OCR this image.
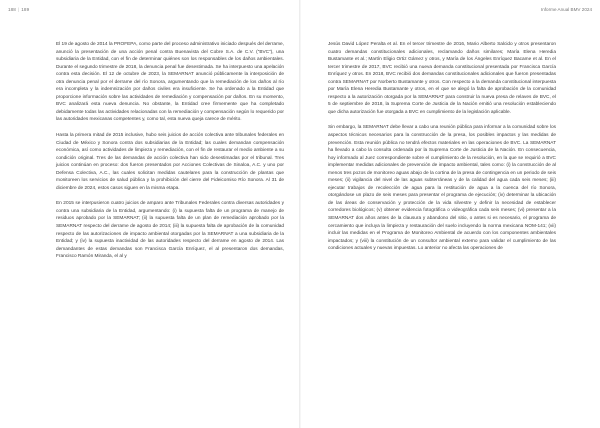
188 | 189	Informe Anual BMV 2024

El 19 de agosto de 2014 la PROFEPA, como parte del proceso administrativo iniciado después del derrame, anunció la presentación de una acción penal contra Buenavista del Cobre S.A. de C.V. (“BVC”), una subsidiaria de la Entidad, con el fin de determinar quiénes son los responsables de los daños ambientales. Durante el segundo trimestre de 2018, la denuncia penal fue desestimada. Se ha interpuesto una apelación contra esta decisión. El 12 de octubre de 2023, la SEMARNAT anunció públicamente la interposición de otra denuncia penal por el derrame del río Sonora, argumentando que la remediación de los daños al río era incompleta y la indemnización por daños civiles era insuficiente. Se ha ordenado a la Entidad que proporcione información sobre las actividades de remediación y compensación por daños. En su momento, BVC analizará esta nueva denuncia. No obstante, la Entidad cree firmemente que ha completado debidamente todas las actividades relacionadas con la remediación y compensación según lo requerido por las autoridades mexicanas competentes y, como tal, esta nueva queja carece de mérito.

Hasta la primera mitad de 2015 inclusive, hubo seis juicios de acción colectiva ante tribunales federales en Ciudad de México y Sonora contra dos subsidiarias de la Entidad; las cuales demandan compensación económica, así como actividades de limpieza y remediación, con el fin de restaurar el medio ambiente a su condición original. Tres de las demandas de acción colectiva han sido desestimadas por el tribunal. Tres juicios continúan en proceso: dos fueron presentados por Acciones Colectivas de Sinaloa, A.C. y uno por Defensa Colectiva, A.C., las cuales solicitan medidas cautelares para la construcción de plantas que monitoreen los servicios de salud pública y la prohibición del cierre del Fideicomiso Río Sonora. Al 31 de diciembre de 2024, estos casos siguen en la misma etapa.

En 2015 se interpusieron cuatro juicios de amparo ante Tribunales Federales contra diversas autoridades y contra una subsidiaria de la Entidad, argumentando: (i) la supuesta falta de un programa de manejo de residuos aprobado por la SEMARNAT; (ii) la supuesta falta de un plan de remediación aprobado por la SEMARNAT respecto del derrame de agosto de 2014; (iii) la supuesta falta de aprobación de la comunidad respecto de las autorizaciones de impacto ambiental otorgadas por la SEMARNAT a una subsidiaria de la Entidad; y (iv) la supuesta inactividad de las autoridades respecto del derrame en agosto de 2014. Las demandantes de estas demandas son Francisca García Enríquez, el al presentaron dos demandas, Francisco Ramón Miranda, el al y

Jesús David López Peralta et al. En el tercer trimestre de 2016, Mario Alberto Salcido y otros presentaron cuatro demandas constitucionales adicionales, reclamando daños similares; María Elena Heredia Bustamante et al.; Martín Eligio Ortiz Gámez y otros, y María de los Ángeles Enríquez Bacame et al. En el tercer trimestre de 2017, BVC recibió una nueva demanda constitucional presentada por Francisca García Enríquez y otros. En 2018, BVC recibió dos demandas constitucionales adicionales que fueron presentadas contra SEMARNAT por Norberto Bustamante y otros. Con respecto a la demanda constitucional interpuesta por María Elena Heredia Bustamante y otros, en el que se alegó la falta de aprobación de la comunidad respecto a la autorización otorgada por la SEMARNAT para construir la nueva presa de relaves de BVC, el 5 de septiembre de 2018, la Suprema Corte de Justicia de la Nación emitió una resolución estableciendo que dicha autorización fue otorgada a BVC en cumplimiento de la legislación aplicable.

Sin embargo, la SEMARNAT debe llevar a cabo una reunión pública para informar a la comunidad sobre los aspectos técnicos necesarios para la construcción de la presa, los posibles impactos y las medidas de prevención. Esta reunión pública no tendrá efectos materiales en las operaciones de BVC. La SEMARNAT ha llevado a cabo la consulta ordenada por la Suprema Corte de Justicia de la Nación. En consecuencia, hoy informado al Juez correspondiente sobre el cumplimiento de la resolución, en la que se requirió a BVC implementar medidas adicionales de prevención de impacto ambiental, tales como: (i) la construcción de al menos tres pozos de monitoreo aguas abajo de la cortina de la presa de contingencia en un periodo de seis meses; (ii) vigilancia del nivel de las aguas subterráneas y de la calidad del agua cada seis meses; (iii) ejecutar trabajos de recolección de agua para la restitución de agua a la cuenca del río Sonora, otorgándose un plazo de seis meses para presentar el programa de ejecución; (iv) determinar la ubicación de las áreas de conservación y protección de la vida silvestre y definir la necesidad de establecer corredores biológicos; (v) obtener evidencia fotográfica o videográfica cada seis meses; (vi) presentar a la SEMARNAT dos años antes de la clausura y abandono del sitio, o antes si es necesario, el programa de cercamiento que incluya la limpieza y restauración del suelo incluyendo la norma mexicana NOM-141; (vii) incluir las medidas en el Programa de Monitoreo Ambiental de acuerdo con los componentes ambientales impactados; y (viii) la constitución de un consultor ambiental externo para validar el cumplimiento de las condiciones actuales y nuevas impuestas. Lo anterior no afecta las operaciones de
